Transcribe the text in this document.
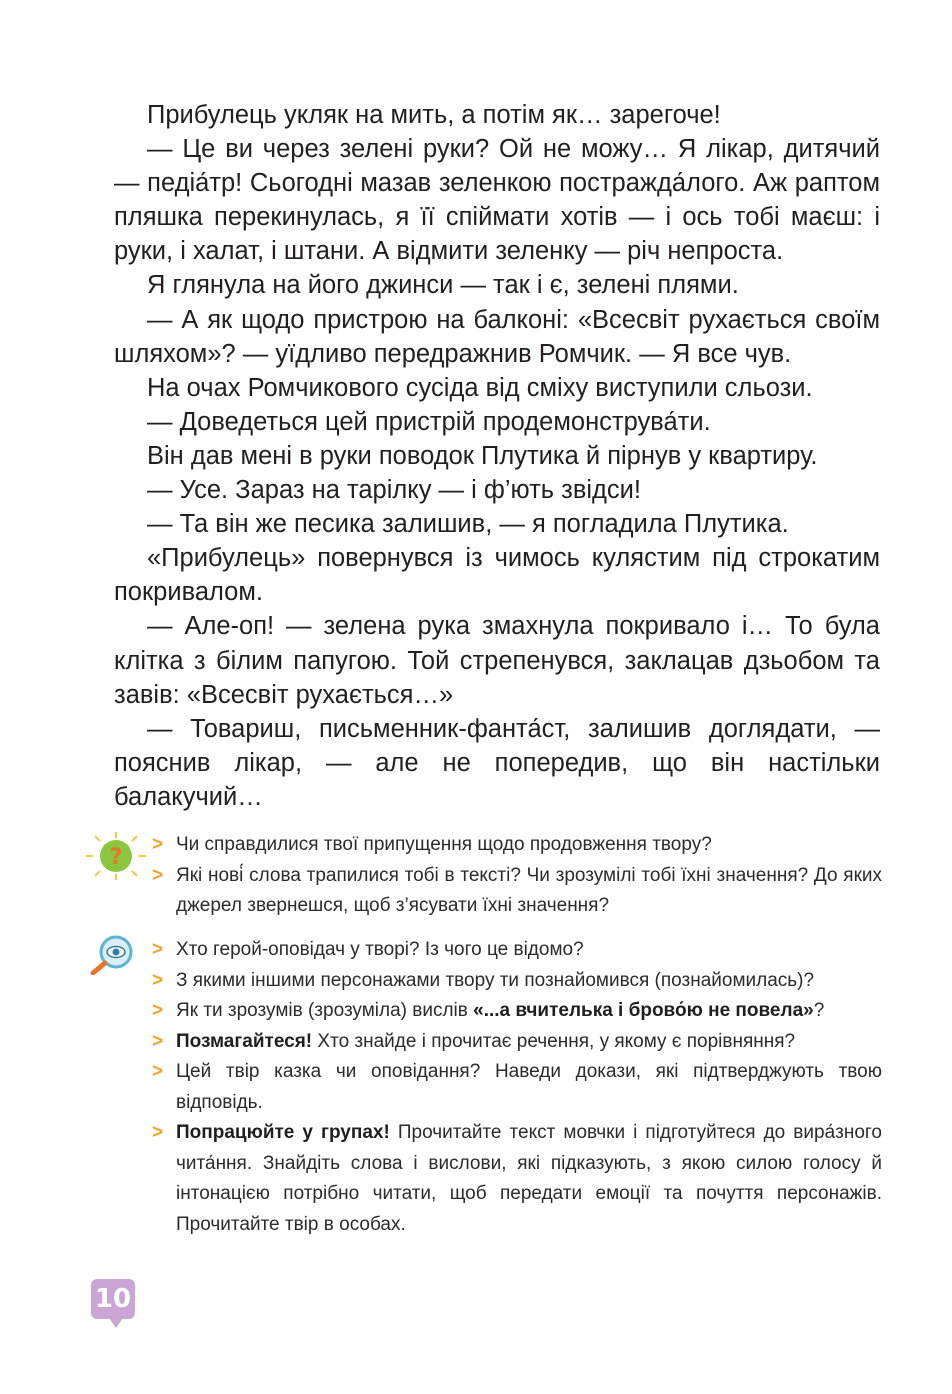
Прибулець укляк на мить, а потім як… зарегоче!

— Це ви через зелені руки? Ой не можу… Я лікар, дитячий — педіа́тр! Сьогодні мазав зеленкою постражда́лого. Аж раптом пляшка перекинулась, я її спіймати хотів — і ось тобі маєш: і руки, і халат, і штани. А відмити зеленку — річ непроста.

Я глянула на його джинси — так і є, зелені плями.

— А як щодо пристрою на балконі: «Всесвіт рухається своїм шляхом»? — уїдливо передражнив Ромчик. — Я все чув.

На очах Ромчикового сусіда від сміху виступили сльози.

— Доведеться цей пристрій продемонструва́ти.

Він дав мені в руки поводок Плутика й пірнув у квартиру.

— Усе. Зараз на тарілку — і ф’ють звідси!

— Та він же песика залишив, — я погладила Плутика.

«Прибулець» повернувся із чимось кулястим під строкатим покривалом.

— Але-оп! — зелена рука змахнула покривало і… То була клітка з білим папугою. Той стрепенувся, заклацав дзьобом та завів: «Всесвіт рухається…»

— Товариш, письменник-фанта́ст, залишив доглядати, — пояснив лікар, — але не попередив, що він настільки балакучий…

?
> Чи справдилися твої припущення щодо продовження твору?
> Які нові́ слова трапилися тобі в тексті? Чи зрозумілі тобі їхні значення? До яких джерел звернешся, щоб з’ясувати їхні значення?
> Хто герой-оповідач у творі? Із чого це відомо?
> З якими іншими персонажами твору ти познайомився (познайомилась)?
> Як ти зрозумів (зрозуміла) вислів «...а вчителька і брово́ю не повела»?
> Позмагайтеся! Хто знайде і прочитає речення, у якому є порівняння?
> Цей твір казка чи оповідання? Наведи докази, які підтверджують твою відповідь.
> Попрацюйте у групах! Прочитайте текст мовчки і підготуйтеся до вира́зного чита́ння. Знайдіть слова і вислови, які підказують, з якою силою голосу й інтонацією потрібно читати, щоб передати емоції та почуття персонажів. Прочитайте твір в особах.
10
